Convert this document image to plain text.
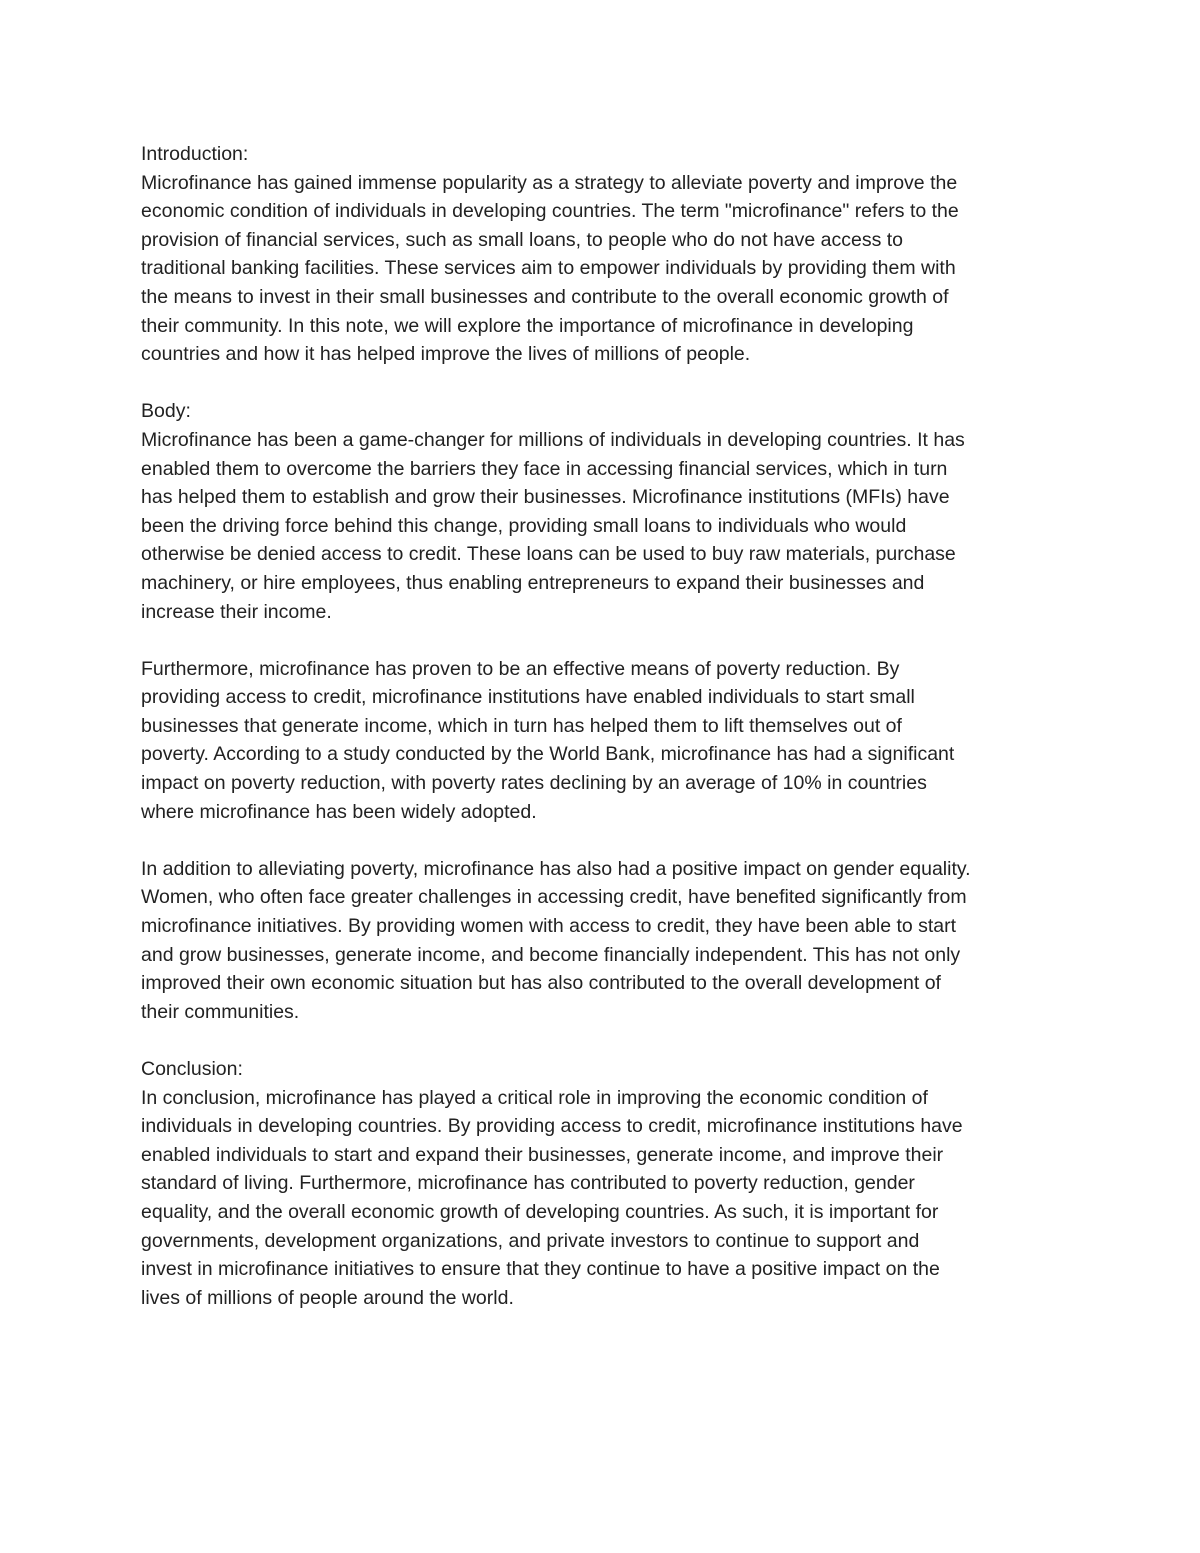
Introduction:
Microfinance has gained immense popularity as a strategy to alleviate poverty and improve the
economic condition of individuals in developing countries. The term "microfinance" refers to the
provision of financial services, such as small loans, to people who do not have access to
traditional banking facilities. These services aim to empower individuals by providing them with
the means to invest in their small businesses and contribute to the overall economic growth of
their community. In this note, we will explore the importance of microfinance in developing
countries and how it has helped improve the lives of millions of people.
Body:
Microfinance has been a game-changer for millions of individuals in developing countries. It has
enabled them to overcome the barriers they face in accessing financial services, which in turn
has helped them to establish and grow their businesses. Microfinance institutions (MFIs) have
been the driving force behind this change, providing small loans to individuals who would
otherwise be denied access to credit. These loans can be used to buy raw materials, purchase
machinery, or hire employees, thus enabling entrepreneurs to expand their businesses and
increase their income.
Furthermore, microfinance has proven to be an effective means of poverty reduction. By
providing access to credit, microfinance institutions have enabled individuals to start small
businesses that generate income, which in turn has helped them to lift themselves out of
poverty. According to a study conducted by the World Bank, microfinance has had a significant
impact on poverty reduction, with poverty rates declining by an average of 10% in countries
where microfinance has been widely adopted.
In addition to alleviating poverty, microfinance has also had a positive impact on gender equality.
Women, who often face greater challenges in accessing credit, have benefited significantly from
microfinance initiatives. By providing women with access to credit, they have been able to start
and grow businesses, generate income, and become financially independent. This has not only
improved their own economic situation but has also contributed to the overall development of
their communities.
Conclusion:
In conclusion, microfinance has played a critical role in improving the economic condition of
individuals in developing countries. By providing access to credit, microfinance institutions have
enabled individuals to start and expand their businesses, generate income, and improve their
standard of living. Furthermore, microfinance has contributed to poverty reduction, gender
equality, and the overall economic growth of developing countries. As such, it is important for
governments, development organizations, and private investors to continue to support and
invest in microfinance initiatives to ensure that they continue to have a positive impact on the
lives of millions of people around the world.
